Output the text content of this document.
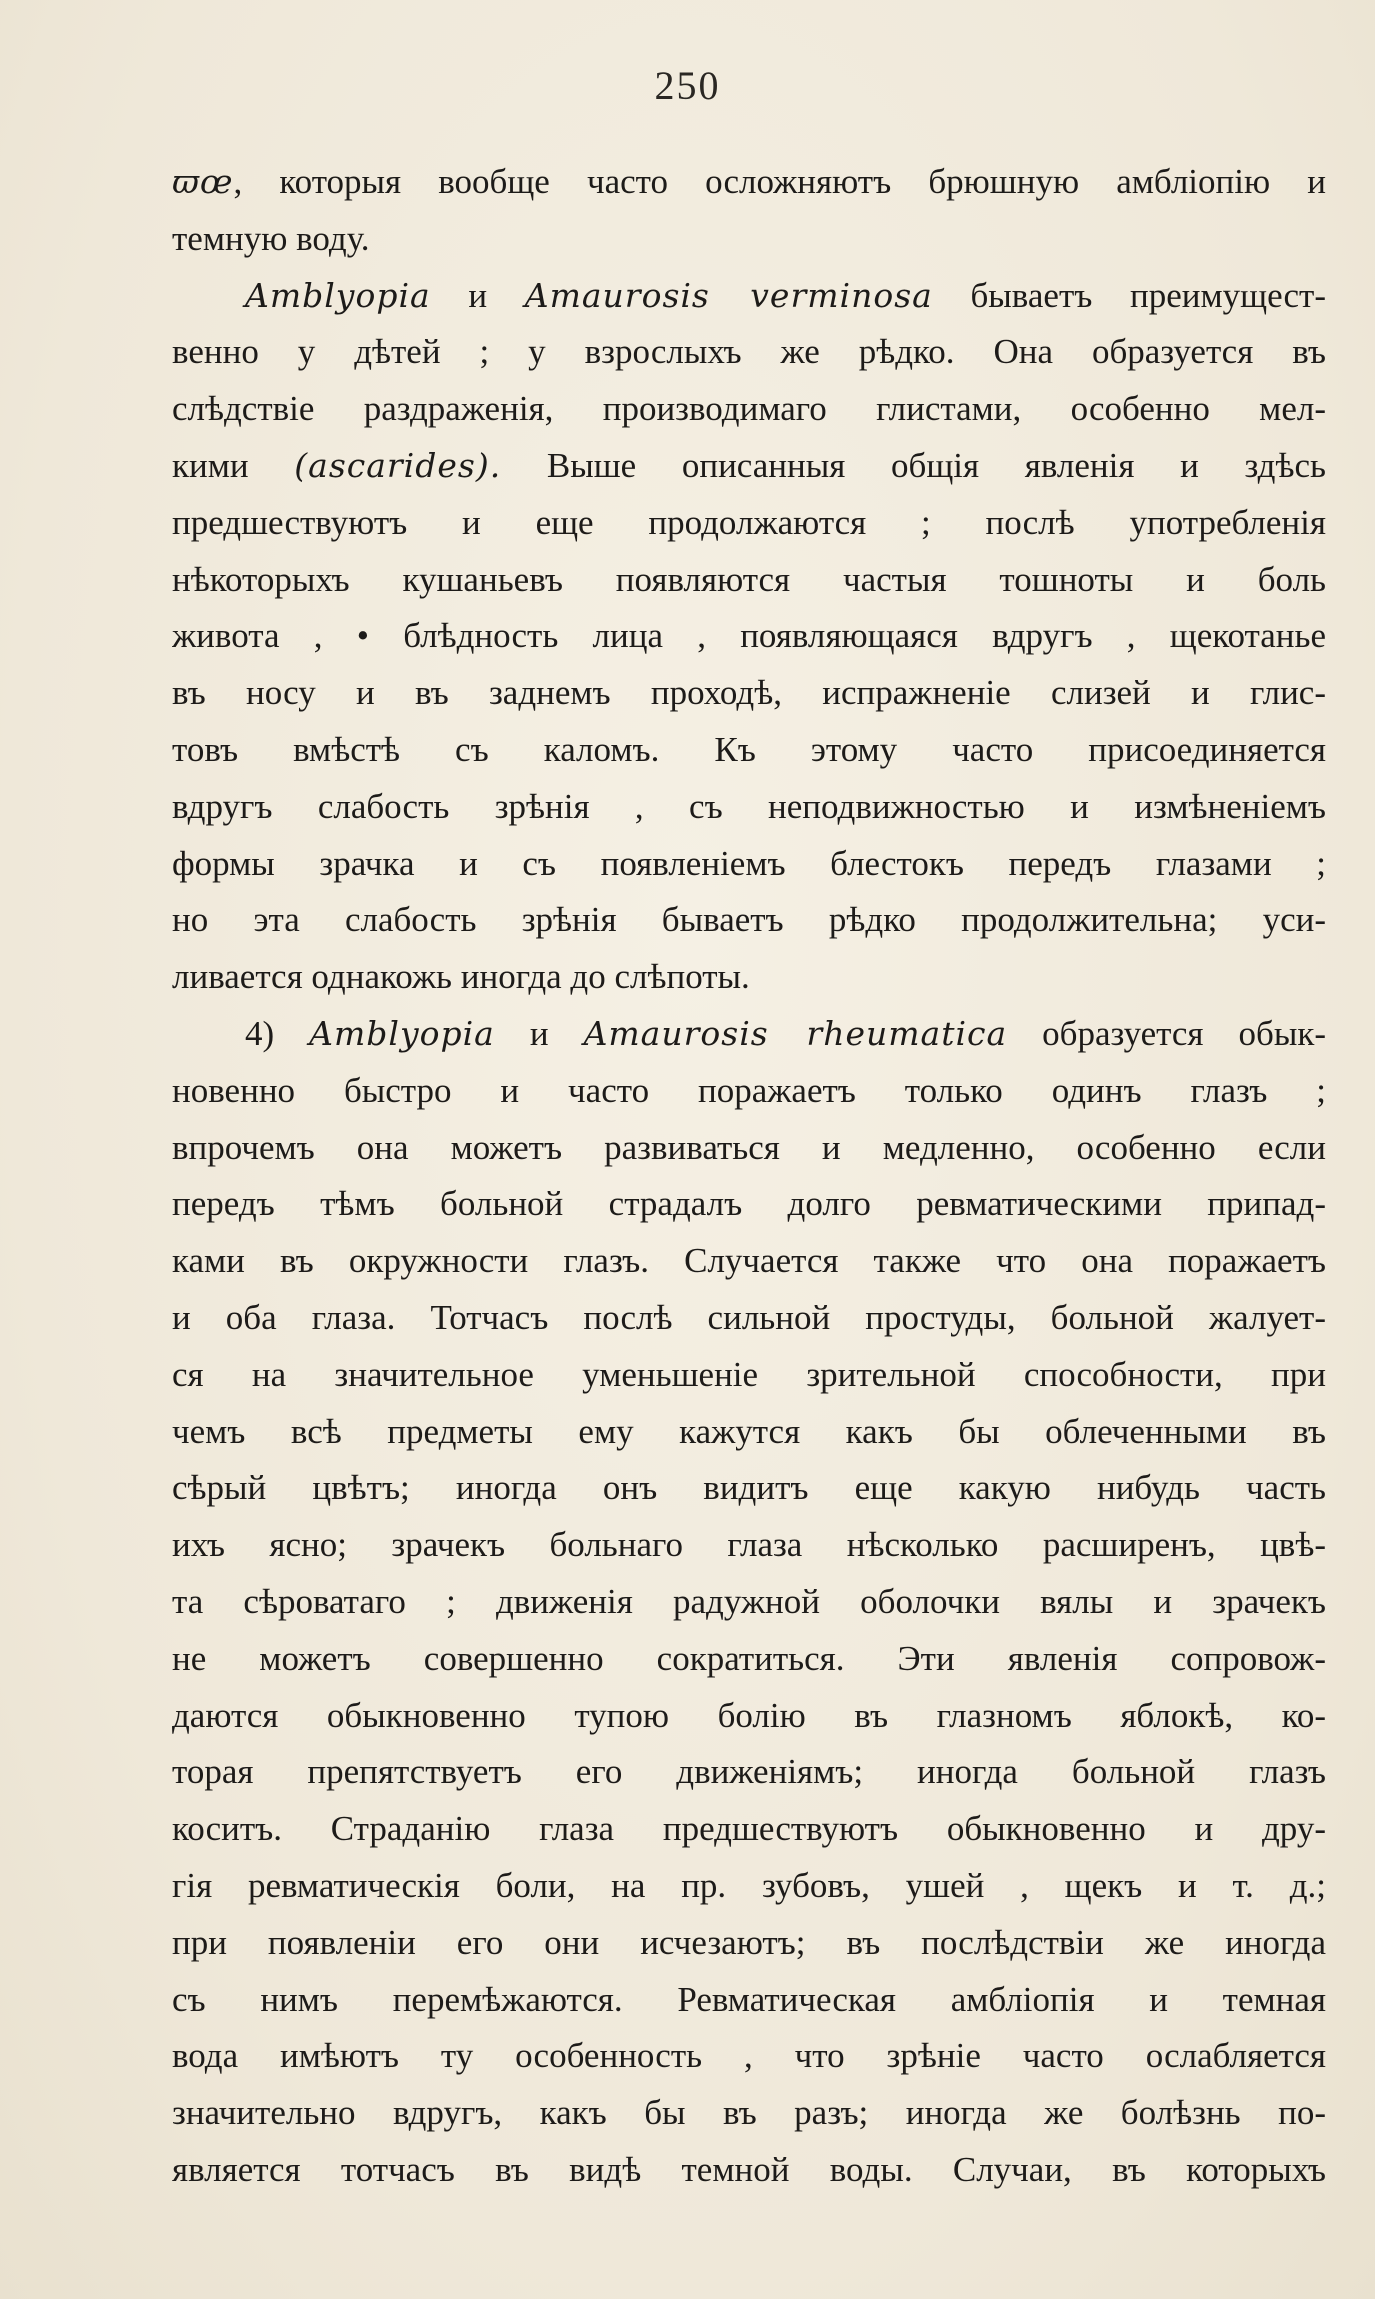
250
ϖœ, которыя вообще часто осложняютъ брюшную амбліопію и
темную воду.
Amblyopia и Amaurosis verminosa бываетъ преимущест-
венно у дѣтей ; у взрослыхъ же рѣдко. Она образуется въ
слѣдствіе раздраженія, производимаго глистами, особенно мел-
кими (ascarides). Выше описанныя общія явленія и здѣсь
предшествуютъ и еще продолжаются ; послѣ употребленія
нѣкоторыхъ кушаньевъ появляются частыя тошноты и боль
живота , • блѣдность лица , появляющаяся вдругъ , щекотанье
въ носу и въ заднемъ проходѣ, испражненіе слизей и глис-
товъ вмѣстѣ съ каломъ. Къ этому часто присоединяется
вдругъ слабость зрѣнія , съ неподвижностью и измѣненіемъ
формы зрачка и съ появленіемъ блестокъ передъ глазами ;
но эта слабость зрѣнія бываетъ рѣдко продолжительна; уси-
ливается однакожь иногда до слѣпоты.
4) Amblyopia и Amaurosis rheumatica образуется обык-
новенно быстро и часто поражаетъ только одинъ глазъ ;
впрочемъ она можетъ развиваться и медленно, особенно если
передъ тѣмъ больной страдалъ долго ревматическими припад-
ками въ окружности глазъ. Случается также что она поражаетъ
и оба глаза. Тотчасъ послѣ сильной простуды, больной жалует-
ся на значительное уменьшеніе зрительной способности, при
чемъ всѣ предметы ему кажутся какъ бы облеченными въ
сѣрый цвѣтъ; иногда онъ видитъ еще какую нибудь часть
ихъ ясно; зрачекъ больнаго глаза нѣсколько расширенъ, цвѣ-
та сѣроватаго ; движенія радужной оболочки вялы и зрачекъ
не можетъ совершенно сократиться. Эти явленія сопровож-
даются обыкновенно тупою болію въ глазномъ яблокѣ, ко-
торая препятствуетъ его движеніямъ; иногда больной глазъ
коситъ. Страданію глаза предшествуютъ обыкновенно и дру-
гія ревматическія боли, на пр. зубовъ, ушей , щекъ и т. д.;
при появленіи его они исчезаютъ; въ послѣдствіи же иногда
съ нимъ перемѣжаются. Ревматическая амбліопія и темная
вода имѣютъ ту особенность , что зрѣніе часто ослабляется
значительно вдругъ, какъ бы въ разъ; иногда же болѣзнь по-
является тотчасъ въ видѣ темной воды. Случаи, въ которыхъ
